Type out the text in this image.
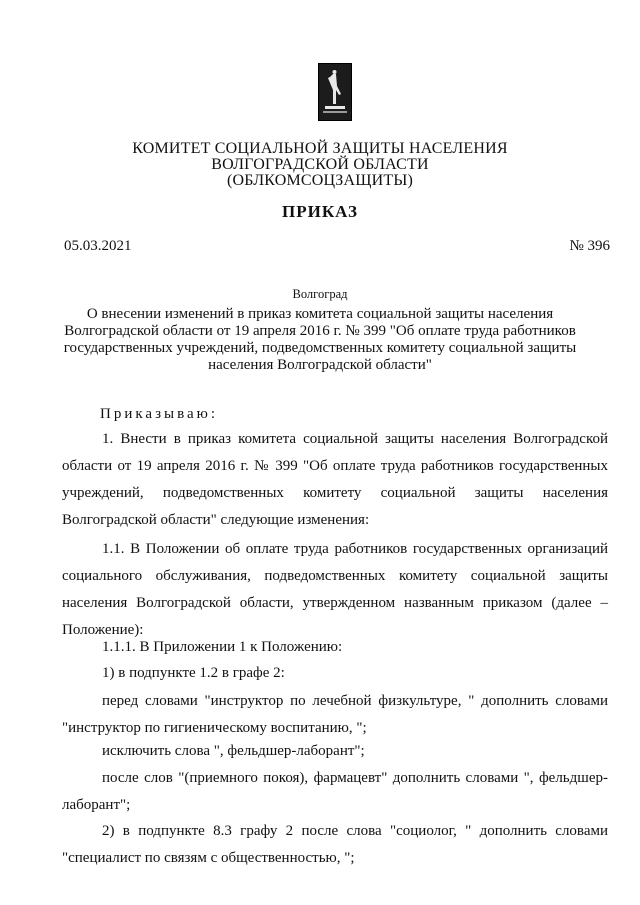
КОМИТЕТ СОЦИАЛЬНОЙ ЗАЩИТЫ НАСЕЛЕНИЯ
ВОЛГОГРАДСКОЙ ОБЛАСТИ
(ОБЛКОМСОЦЗАЩИТЫ)
ПРИКАЗ
05.03.2021	№ 396
Волгоград
О внесении изменений в приказ комитета социальной защиты населения
Волгоградской области от 19 апреля 2016 г. № 399 "Об оплате труда работников
государственных учреждений, подведомственных комитету социальной защиты
населения Волгоградской области"
Приказываю:
1. Внести в приказ комитета социальной защиты населения Волгоградской области от 19 апреля 2016 г. № 399 "Об оплате труда работников государственных учреждений, подведомственных комитету социальной защиты населения Волгоградской области" следующие изменения:
1.1. В Положении об оплате труда работников государственных организаций социального обслуживания, подведомственных комитету социальной защиты населения Волгоградской области, утвержденном названным приказом (далее – Положение):
1.1.1. В Приложении 1 к Положению:
1) в подпункте 1.2 в графе 2:
перед словами "инструктор по лечебной физкультуре, " дополнить словами "инструктор по гигиеническому воспитанию, ";
исключить слова ", фельдшер-лаборант";
после слов "(приемного покоя), фармацевт" дополнить словами ", фельдшер-лаборант";
2) в подпункте 8.3 графу 2 после слова "социолог, " дополнить словами "специалист по связям с общественностью, ";
